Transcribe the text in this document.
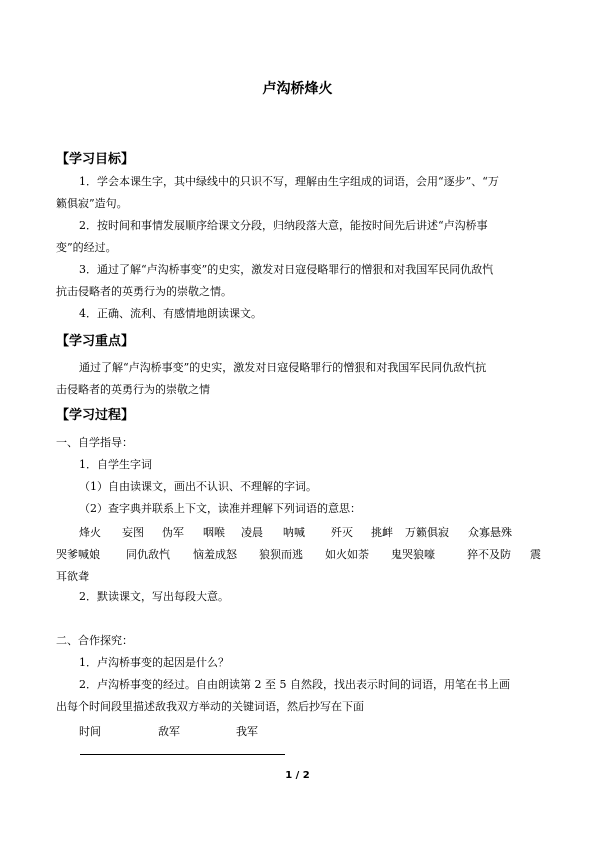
卢沟桥烽火
【学习目标】
1．学会本课生字，其中绿线中的只识不写，理解由生字组成的词语，会用“逐步”、“万
籁俱寂”造句。
2．按时间和事情发展顺序给课文分段，归纳段落大意，能按时间先后讲述“卢沟桥事
变”的经过。
3．通过了解“卢沟桥事变”的史实，激发对日寇侵略罪行的憎狠和对我国军民同仇敌忾
抗击侵略者的英勇行为的崇敬之情。
4．正确、流利、有感情地朗读课文。
【学习重点】
通过了解“卢沟桥事变”的史实，激发对日寇侵略罪行的憎狠和对我国军民同仇敌忾抗
击侵略者的英勇行为的崇敬之情
【学习过程】
一、自学指导：
1．自学生字词
（1）自由读课文，画出不认识、不理解的字词。
（2）查字典并联系上下文，读准并理解下列词语的意思：
烽火 妄图 伪军 咽喉 凌晨 呐喊 歼灭 挑衅 万籁俱寂 众寡悬殊
哭爹喊娘 同仇敌忾 恼羞成怒 狼狈而逃 如火如荼 鬼哭狼嚎	猝不及防 震
耳欲聋
2．默读课文，写出每段大意。
二、合作探究：
1．卢沟桥事变的起因是什么？
2．卢沟桥事变的经过。自由朗读第 2 至 5 自然段，找出表示时间的词语，用笔在书上画
出每个时间段里描述敌我双方举动的关键词语，然后抄写在下面
时间	敌军	我军
1 / 2
